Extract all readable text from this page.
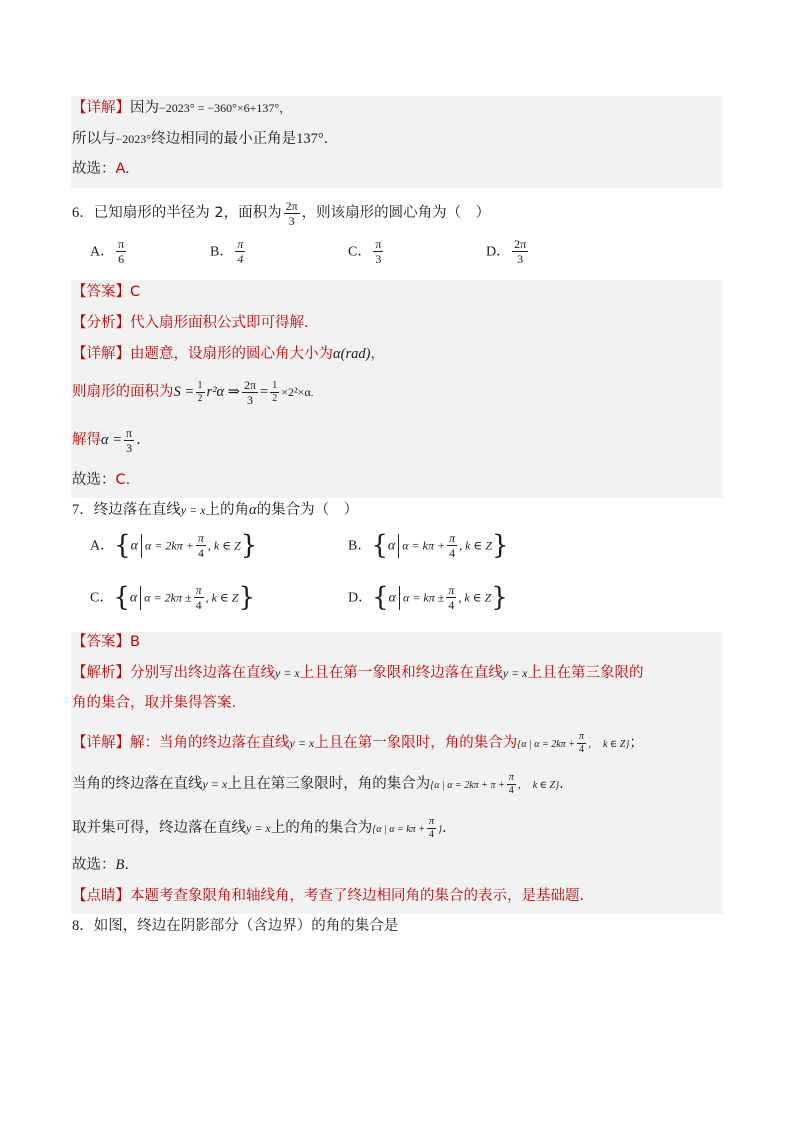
【详解】因为−2023° = −360°×6+137°，
所以与−2023°终边相同的最小正角是137°.
故选：A.
6．已知扇形的半径为 2，面积为 $\frac{2\pi}{3}$ ，则该扇形的圆心角为（　）
A． $\frac{\pi}{6}$	B． $\frac{\pi}{4}$	C． $\frac{\pi}{3}$	D． $\frac{2\pi}{3}$
【答案】C
【分析】代入扇形面积公式即可得解.
【详解】由题意，设扇形的圆心角大小为α(rad)，
则扇形的面积为$S = \frac{1}{2} r^2\alpha$ ⇒ $\frac{2\pi}{3} = \frac{1}{2} \times 2^2\times\alpha$.
解得$\alpha = \frac{\pi}{3}$ .
故选：C.
7．终边落在直线y = x上的角α的集合为（　）
A．{α $\alpha = 2k\pi + \frac{\pi}{4}$ , k ∈ Z}	B．{α $\alpha = k\pi + \frac{\pi}{4}$ , k ∈ Z}
C．{α $\alpha = 2k\pi \pm \frac{\pi}{4}$ , k ∈ Z}	D．{α $\alpha = k\pi \pm \frac{\pi}{4}$ , k ∈ Z}
【答案】B
【解析】分别写出终边落在直线y = x上且在第一象限和终边落在直线y = x上且在第三象限的
角的集合，取并集得答案.
【详解】解：当角的终边落在直线y = x上且在第一象限时，角的集合为{α | $\alpha = 2k\pi + \frac{\pi}{4}$ ，　k ∈ Z}；
当角的终边落在直线y = x上且在第三象限时，角的集合为{α | $\alpha = 2k\pi + \pi + \frac{\pi}{4}$ ，　k ∈ Z}.
取并集可得，终边落在直线y = x上的角的集合为{α | $\alpha = k\pi + \frac{\pi}{4}$ }.
故选：B.
【点睛】本题考查象限角和轴线角，考查了终边相同角的集合的表示，是基础题.
8．如图，终边在阴影部分（含边界）的角的集合是
